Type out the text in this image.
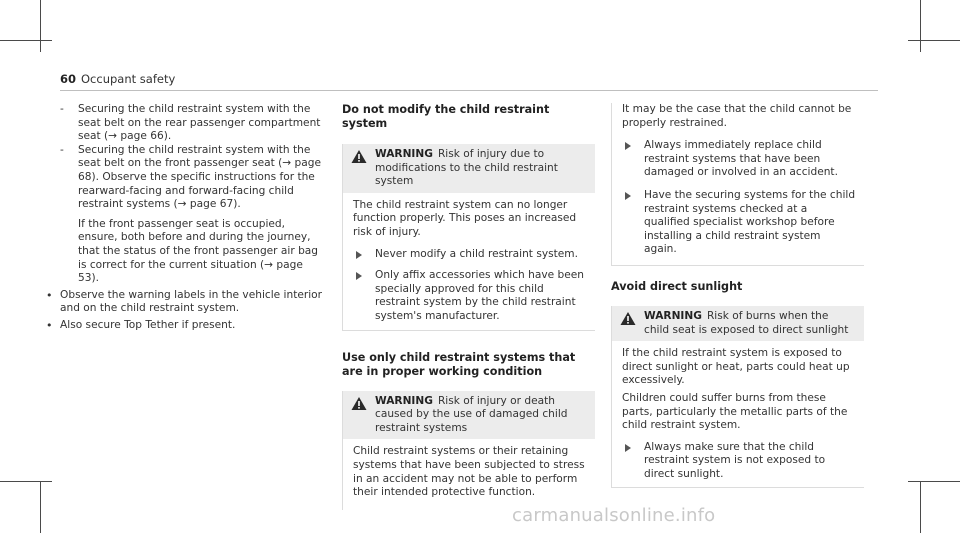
60 Occupant safety
- Securing the child restraint system with the seat belt on the rear passenger compartment seat (→ page 66).
- Securing the child restraint system with the seat belt on the front passenger seat (→ page 68). Observe the specific instructions for the rearward-facing and forward-facing child restraint systems (→ page 67).

If the front passenger seat is occupied, ensure, both before and during the journey, that the status of the front passenger air bag is correct for the current situation (→ page 53).

• Observe the warning labels in the vehicle interior and on the child restraint system.
• Also secure Top Tether if present.
Do not modify the child restraint system
WARNING Risk of injury due to modifications to the child restraint system

The child restraint system can no longer function properly. This poses an increased risk of injury.

Never modify a child restraint system.
Only affix accessories which have been specially approved for this child restraint system by the child restraint system's manufacturer.
Use only child restraint systems that are in proper working condition
WARNING Risk of injury or death caused by the use of damaged child restraint systems

Child restraint systems or their retaining systems that have been subjected to stress in an accident may not be able to perform their intended protective function.

It may be the case that the child cannot be properly restrained.

Always immediately replace child restraint systems that have been damaged or involved in an accident.
Have the securing systems for the child restraint systems checked at a qualified specialist workshop before installing a child restraint system again.
Avoid direct sunlight
WARNING Risk of burns when the child seat is exposed to direct sunlight

If the child restraint system is exposed to direct sunlight or heat, parts could heat up excessively.

Children could suffer burns from these parts, particularly the metallic parts of the child restraint system.

Always make sure that the child restraint system is not exposed to direct sunlight.
carmanualsonline.info
